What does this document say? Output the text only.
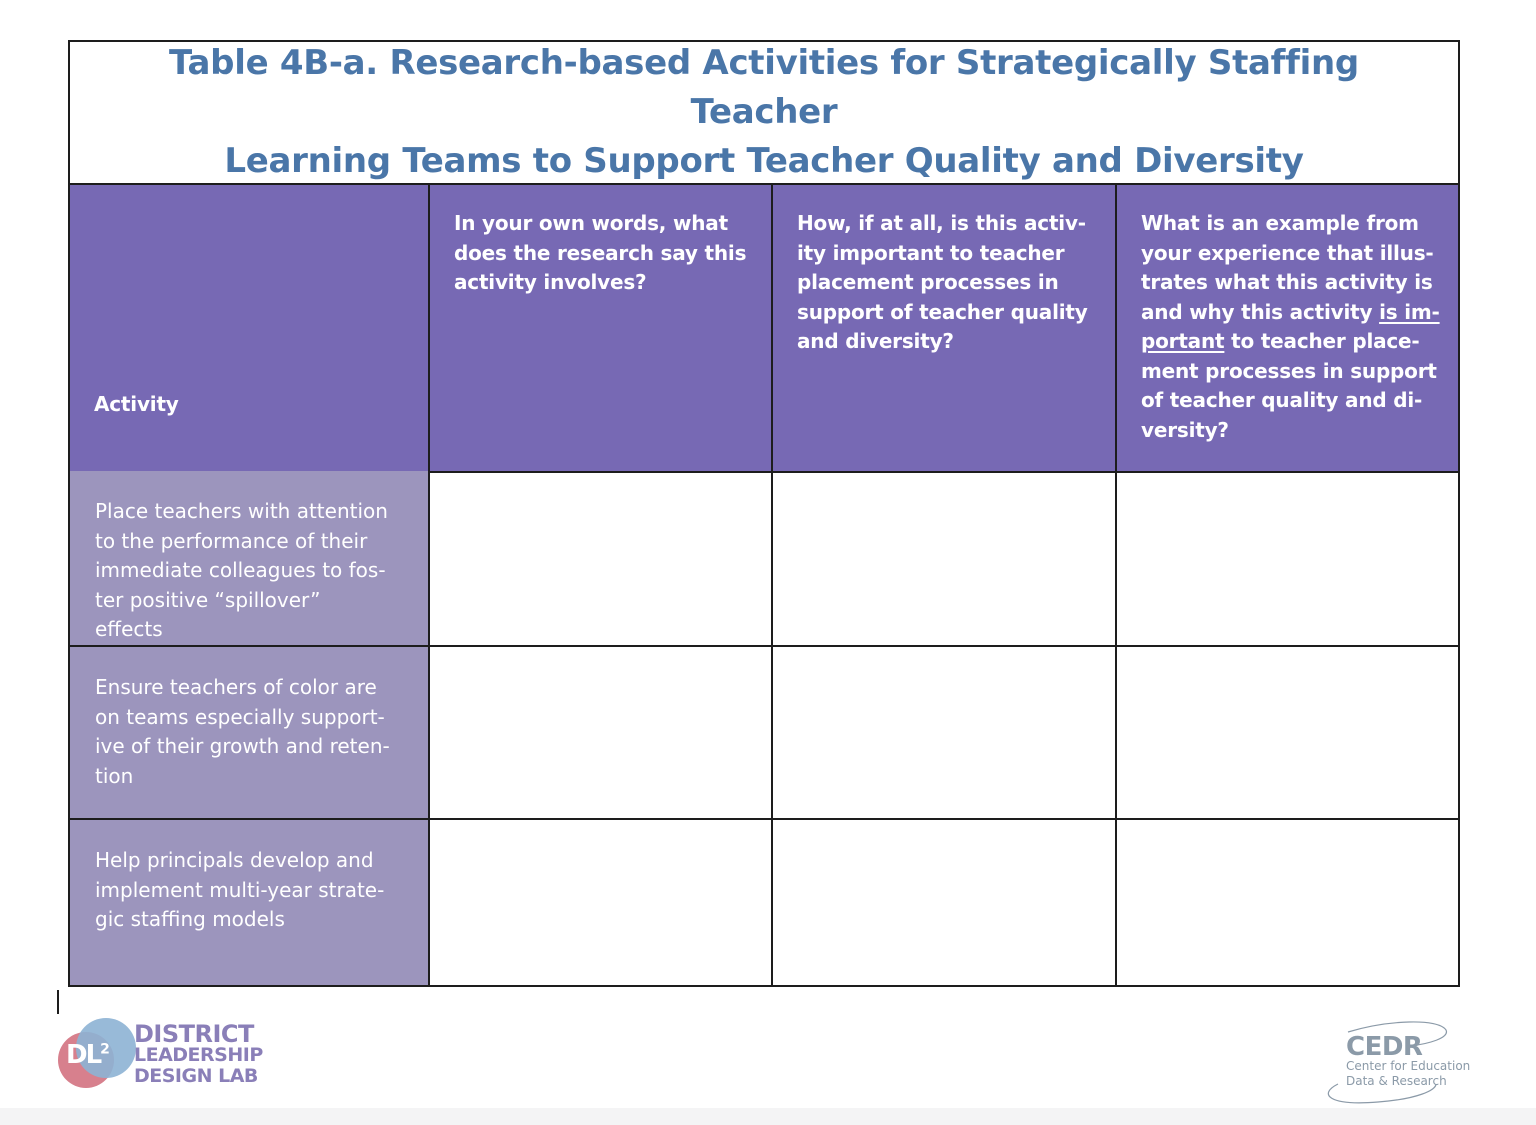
Table 4B-a. Research-based Activities for Strategically Staffing Teacher
Learning Teams to Support Teacher Quality and Diversity

Activity

In your own words, what does the research say this activity involves?

How, if at all, is this activ-ity important to teacher placement processes in support of teacher quality and diversity?

What is an example from your experience that illus-trates what this activity is and why this activity is im-portant to teacher place-ment processes in support of teacher quality and di-versity?

Place teachers with attention to the performance of their immediate colleagues to fos-ter positive “spillover” effects

Ensure teachers of color are on teams especially support-ive of their growth and reten-tion

Help principals develop and implement multi-year strate-gic staffing models

$DL^2$
DISTRICT
LEADERSHIP
DESIGN LAB
CEDR
Center for Education
Data & Research
